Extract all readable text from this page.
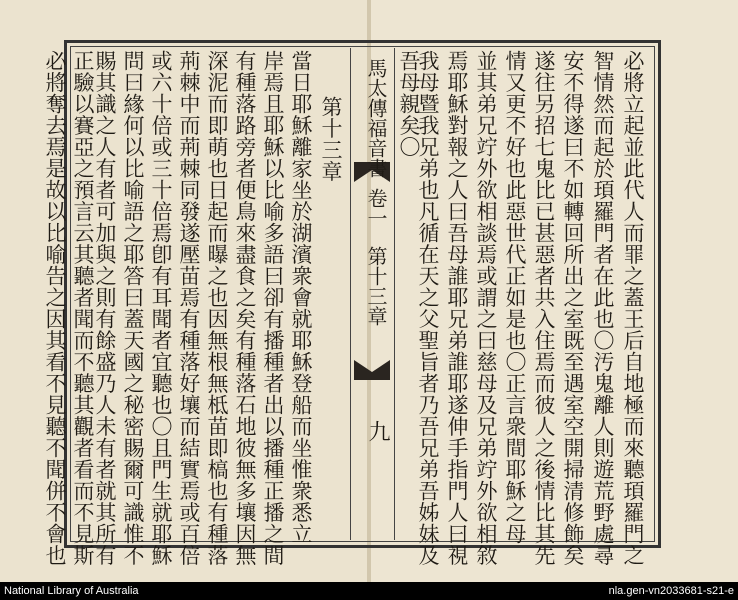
必將立起並此代人而罪之蓋王后自地極而來聽頊羅門之
智情然而起於頊羅門者在此也〇汚鬼離人則遊荒野處尋
安不得遂曰不如轉回所出之室既至遇室空開掃清修飾矣
遂往另招七鬼比已甚惡者共入住焉而彼人之後情比其先
情又更不好也此惡世代正如是也〇正言衆間耶穌之母
並其弟兄竚外欲相談焉或謂之曰慈母及兄弟竚外欲相敘
焉耶穌對報之人曰吾母誰耶兄弟誰耶遂伸手指門人曰視
我母暨我兄弟也凡循在天之父聖旨者乃吾兄弟吾姊妹及
吾母親矣〇
馬太傳福音書
卷一
第十三章
九
第十三章
當日耶穌離家坐於湖濱衆會就耶穌登船而坐惟衆悉立
岸焉且耶穌以比喻多語曰卻有播種者出以播種正播之間
有種落路旁者便鳥來盡食之矣有種落石地彼無多壤因無
深泥而即萌也日起而曝之也因無根無柢苗即槁也有種落
荊棘中而荊棘同發遂壓苗焉有種落好壤而結實焉或百倍
或六十倍或三十倍焉卽有耳聞者宜聽也〇且門生就耶穌
問曰緣何以比喻語之耶答曰蓋天國之秘密賜爾可識惟不
賜其識之人有者可加與之則有餘盛乃人未有者就其所有
必將奪去焉是故以比喻告之因其看不見聽不聞併不會也 正驗以賽亞之預言云其聽者聞而不聽其觀者看而不見斯
National Library of Australia	nla.gen-vn2033681-s21-e
